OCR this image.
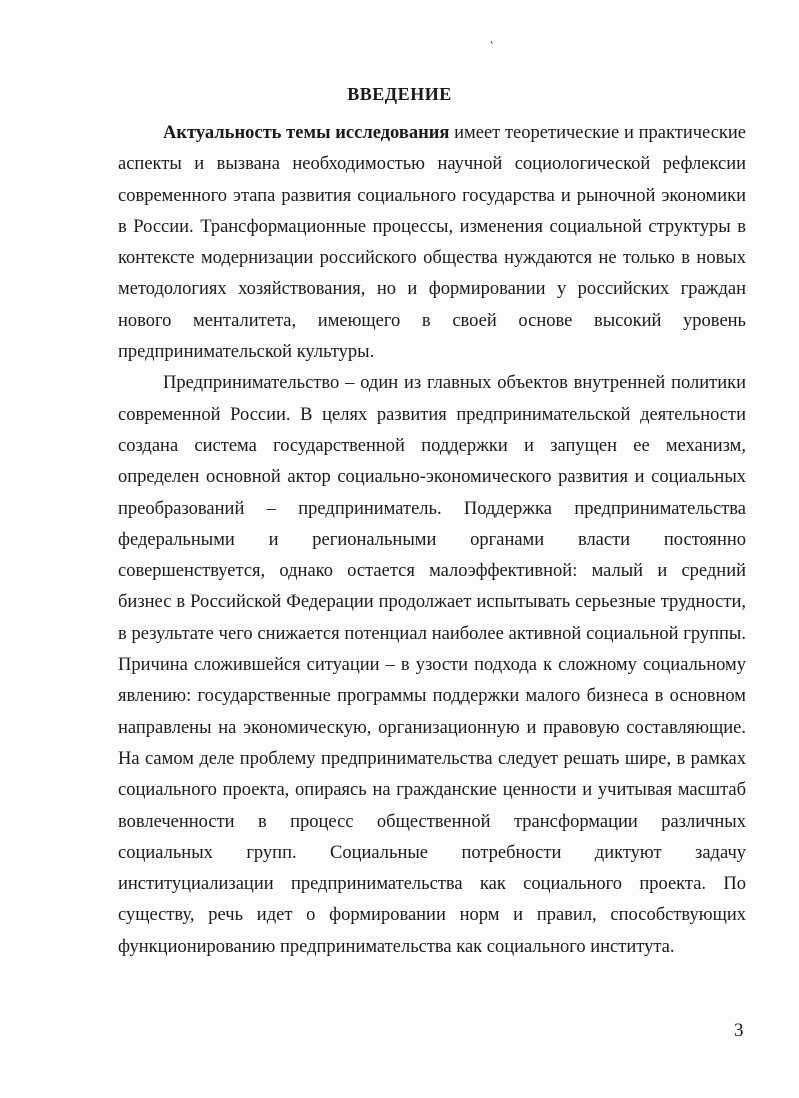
˛
ВВЕДЕНИЕ

Актуальность темы исследования имеет теоретические и практические аспекты и вызвана необходимостью научной социологической рефлексии современного этапа развития социального государства и рыночной экономики в России. Трансформационные процессы, изменения социальной структуры в контексте модернизации российского общества нуждаются не только в новых методологиях хозяйствования, но и формировании у российских граждан нового менталитета, имеющего в своей основе высокий уровень предпринимательской культуры.

Предпринимательство – один из главных объектов внутренней политики современной России. В целях развития предпринимательской деятельности создана система государственной поддержки и запущен ее механизм, определен основной актор социально-экономического развития и социальных преобразований – предприниматель. Поддержка предпринимательства федеральными и региональными органами власти постоянно совершенствуется, однако остается малоэффективной: малый и средний бизнес в Российской Федерации продолжает испытывать серьезные трудности, в результате чего снижается потенциал наиболее активной социальной группы. Причина сложившейся ситуации – в узости подхода к сложному социальному явлению: государственные программы поддержки малого бизнеса в основном направлены на экономическую, организационную и правовую составляющие. На самом деле проблему предпринимательства следует решать шире, в рамках социального проекта, опираясь на гражданские ценности и учитывая масштаб вовлеченности в процесс общественной трансформации различных социальных групп. Социальные потребности диктуют задачу институциализации предпринимательства как социального проекта. По существу, речь идет о формировании норм и правил, способствующих функционированию предпринимательства как социального института.

3
